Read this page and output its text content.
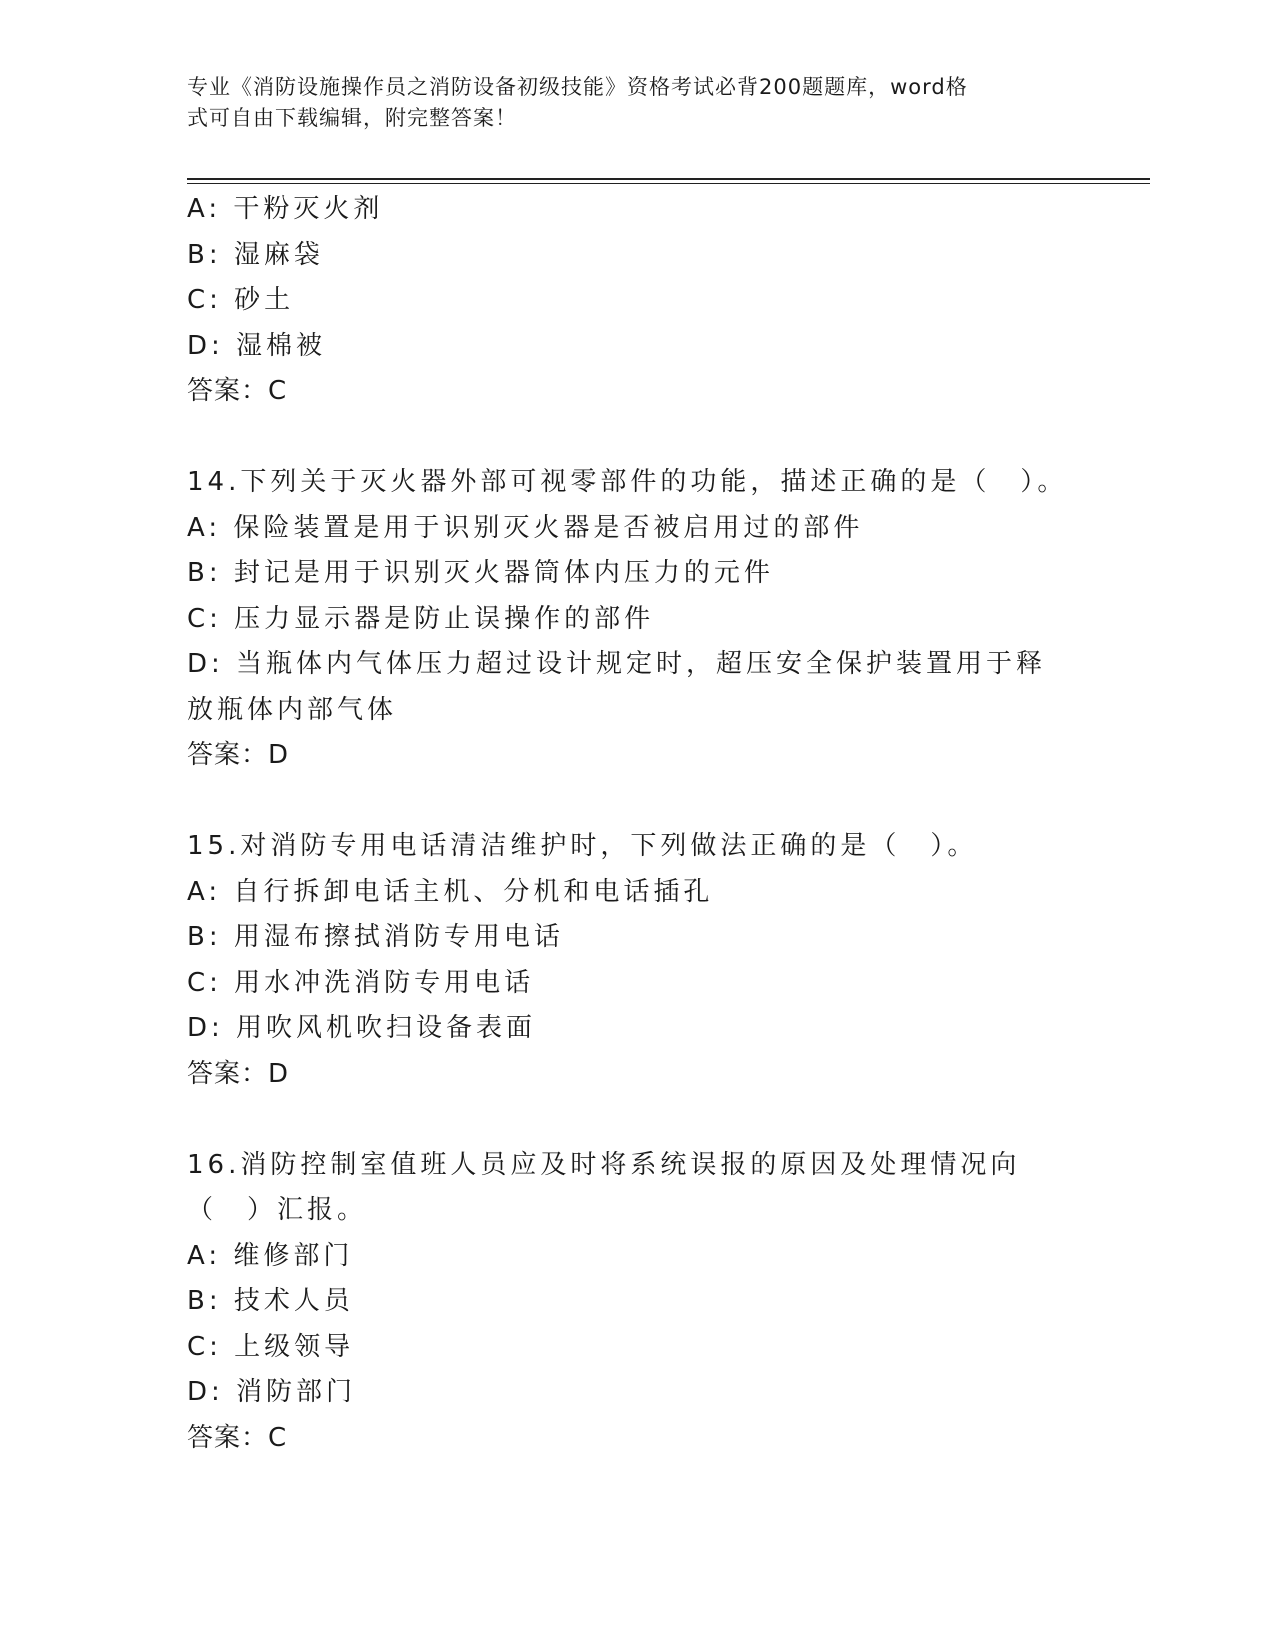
专业《消防设施操作员之消防设备初级技能》资格考试必背200题题库，word格
式可自由下载编辑，附完整答案！
A: 干粉灭火剂
B: 湿麻袋
C: 砂土
D: 湿棉被
答案：C
14.下列关于灭火器外部可视零部件的功能，描述正确的是（　）。
A: 保险装置是用于识别灭火器是否被启用过的部件
B: 封记是用于识别灭火器筒体内压力的元件
C: 压力显示器是防止误操作的部件
D: 当瓶体内气体压力超过设计规定时，超压安全保护装置用于释放瓶体内部气体
答案：D
15.对消防专用电话清洁维护时，下列做法正确的是（　）。
A: 自行拆卸电话主机、分机和电话插孔
B: 用湿布擦拭消防专用电话
C: 用水冲洗消防专用电话
D: 用吹风机吹扫设备表面
答案：D
16.消防控制室值班人员应及时将系统误报的原因及处理情况向（　）汇报。
A: 维修部门
B: 技术人员
C: 上级领导
D: 消防部门
答案：C
